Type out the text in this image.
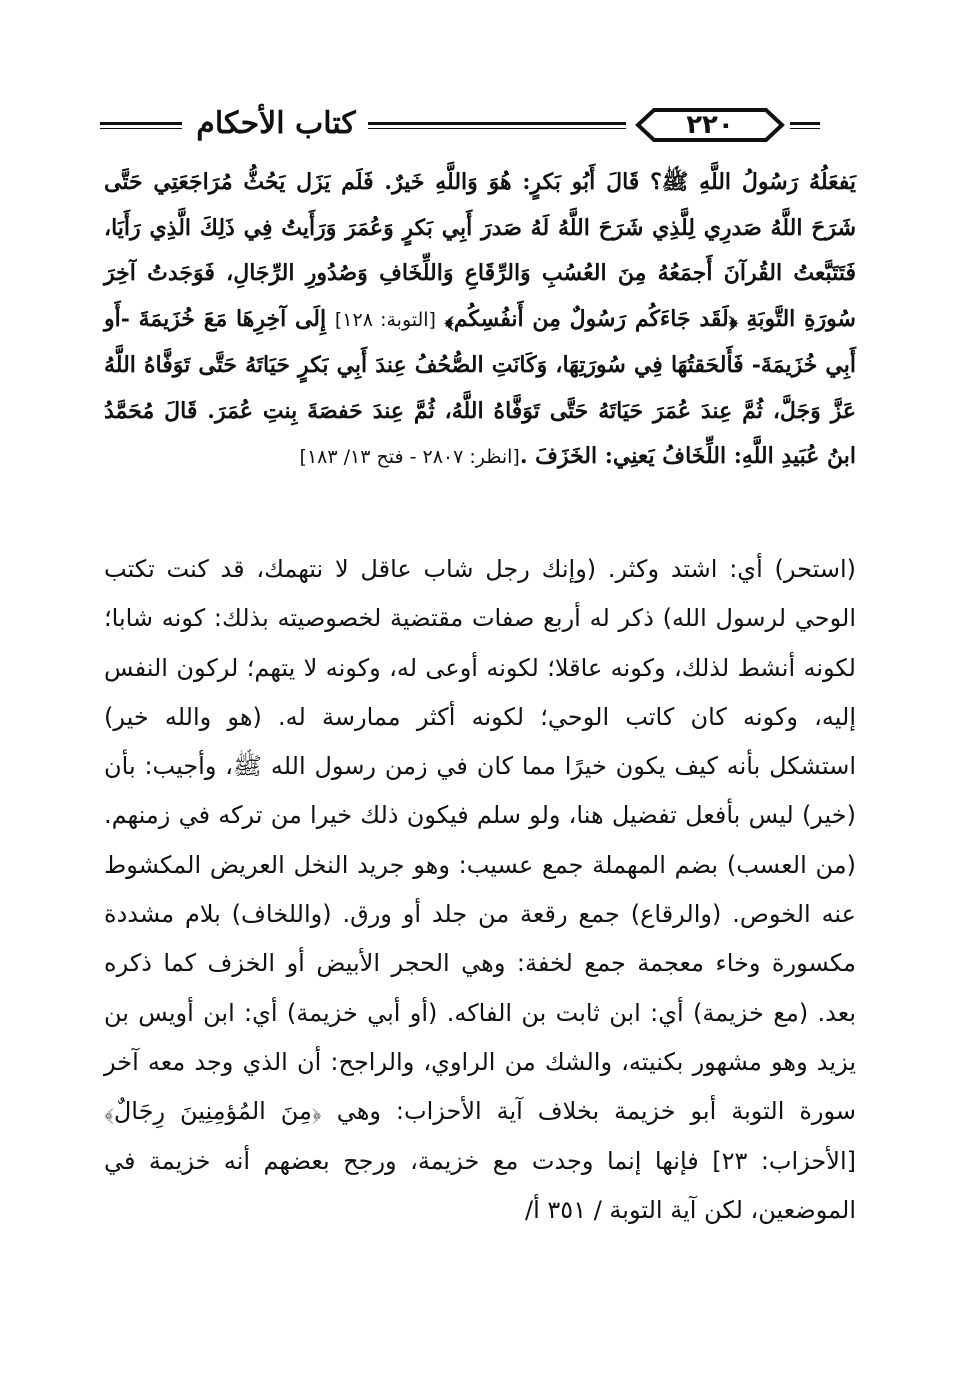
كتاب الأحكام	٢٢٠

يَفعَلُهُ رَسُولُ اللَّهِ ﷺ؟ قَالَ أَبُو بَكرٍ: هُوَ وَاللَّهِ خَيرٌ. فَلَم يَزَل يَحُثُّ مُرَاجَعَتِي حَتَّى شَرَحَ اللَّهُ صَدرِي لِلَّذِي شَرَحَ اللَّهُ لَهُ صَدرَ أَبِي بَكرٍ وَعُمَرَ وَرَأَيتُ فِي ذَلِكَ الَّذِي رَأَيَا، فَتَتَبَّعتُ القُرآنَ أَجمَعُهُ مِنَ العُسُبِ وَالرِّقَاعِ وَاللِّخَافِ وَصُدُورِ الرِّجَالِ، فَوَجَدتُ آخِرَ سُورَةِ التَّوبَةِ ﴿لَقَد جَاءَكُم رَسُولٌ مِن أَنفُسِكُم﴾ [التوبة: ١٢٨] إِلَى آخِرِهَا مَعَ خُزَيمَةَ -أَو أَبِي خُزَيمَةَ- فَأَلحَقتُهَا فِي سُورَتِهَا، وَكَانَتِ الصُّحُفُ عِندَ أَبِي بَكرٍ حَيَاتَهُ حَتَّى تَوَفَّاهُ اللَّهُ عَزَّ وَجَلَّ، ثُمَّ عِندَ عُمَرَ حَيَاتَهُ حَتَّى تَوَفَّاهُ اللَّهُ، ثُمَّ عِندَ حَفصَةَ بِنتِ عُمَرَ. قَالَ مُحَمَّدُ ابنُ عُبَيدِ اللَّهِ: اللِّخَافُ يَعنِي: الخَزَفَ .[انظر: ٢٨٠٧ - فتح ١٣/ ١٨٣]

(استحر) أي: اشتد وكثر. (وإنك رجل شاب عاقل لا نتهمك، قد كنت تكتب الوحي لرسول الله) ذكر له أربع صفات مقتضية لخصوصيته بذلك: كونه شابا؛ لكونه أنشط لذلك، وكونه عاقلا؛ لكونه أوعى له، وكونه لا يتهم؛ لركون النفس إليه، وكونه كان كاتب الوحي؛ لكونه أكثر ممارسة له. (هو والله خير) استشكل بأنه كيف يكون خيرًا مما كان في زمن رسول الله ﷺ، وأجيب: بأن (خير) ليس بأفعل تفضيل هنا، ولو سلم فيكون ذلك خيرا من تركه في زمنهم. (من العسب) بضم المهملة جمع عسيب: وهو جريد النخل العريض المكشوط عنه الخوص. (والرقاع) جمع رقعة من جلد أو ورق. (واللخاف) بلام مشددة مكسورة وخاء معجمة جمع لخفة: وهي الحجر الأبيض أو الخزف كما ذكره بعد. (مع خزيمة) أي: ابن ثابت بن الفاكه. (أو أبي خزيمة) أي: ابن أويس بن يزيد وهو مشهور بكنيته، والشك من الراوي، والراجح: أن الذي وجد معه آخر سورة التوبة أبو خزيمة بخلاف آية الأحزاب: وهي ﴿مِنَ المُؤمِنِينَ رِجَالٌ﴾ [الأحزاب: ٢٣] فإنها إنما وجدت مع خزيمة، ورجح بعضهم أنه خزيمة في الموضعين، لكن آية التوبة / ٣٥١ أ/
